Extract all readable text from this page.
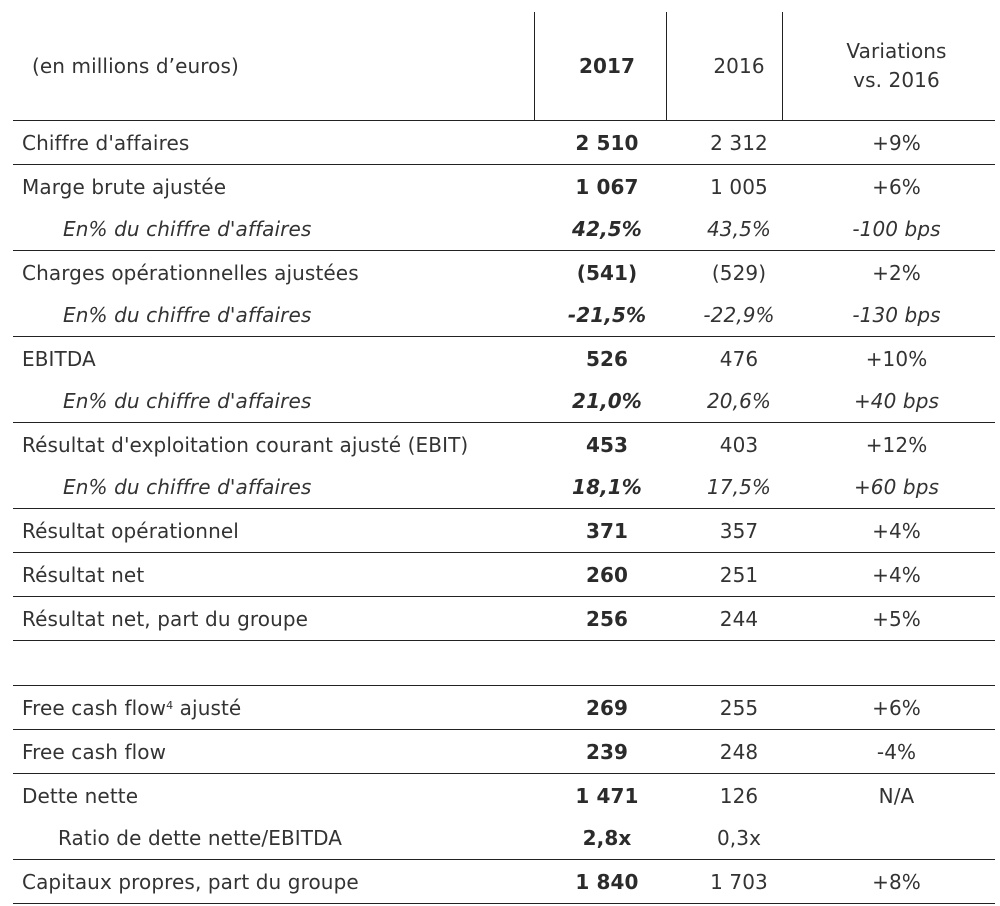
(en millions d’euros)	2017	2016
Variations
vs. 2016
Chiffre d'affaires	2 510	2 312	+9%
Marge brute ajustée	1 067	1 005	+6%
En% du chiffre d'affaires	42,5%	43,5%	-100 bps
Charges opérationnelles ajustées	(541)	(529)	+2%
En% du chiffre d'affaires	-21,5%	-22,9%	-130 bps
EBITDA	526	476	+10%
En% du chiffre d'affaires	21,0%	20,6%	+40 bps
Résultat d'exploitation courant ajusté (EBIT)	453	403	+12%
En% du chiffre d'affaires	18,1%	17,5%	+60 bps
Résultat opérationnel	371	357	+4%
Résultat net	260	251	+4%
Résultat net, part du groupe	256	244	+5%
Free cash flow$^4$ ajusté	269	255	+6%
Free cash flow	239	248	-4%
Dette nette	1 471	126	N/A
Ratio de dette nette/EBITDA	2,8x	0,3x
Capitaux propres, part du groupe	1 840	1 703	+8%
